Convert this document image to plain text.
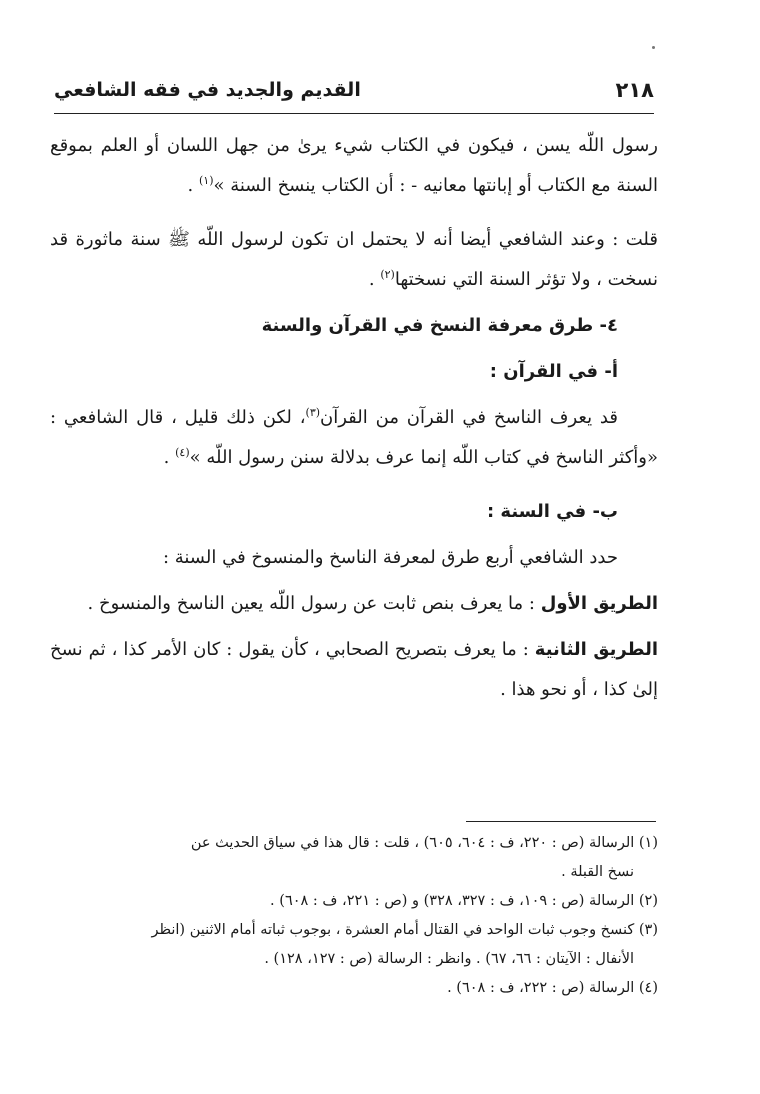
٢١٨
القديم والجديد في فقه الشافعي

رسول اللّه يسن ، فيكون في الكتاب شيء يرىٰ من جهل اللسان أو العلم بموقع السنة مع الكتاب أو إبانتها معانيه - : أن الكتاب ينسخ السنة »$^{(١)}$ .

قلت : وعند الشافعي أيضا أنه لا يحتمل ان تكون لرسول اللّه ﷺ سنة ماثورة قد نسخت ، ولا تؤثر السنة التي نسختها$^{(٢)}$ .

٤- طرق معرفة النسخ في القرآن والسنة
أ- في القرآن :

قد يعرف الناسخ في القرآن من القرآن$^{(٣)}$، لكن ذلك قليل ، قال الشافعي : «وأكثر الناسخ في كتاب اللّه إنما عرف بدلالة سنن رسول اللّه »$^{(٤)}$ .

ب- في السنة :

حدد الشافعي أربع طرق لمعرفة الناسخ والمنسوخ في السنة :

الطريق الأول : ما يعرف بنص ثابت عن رسول اللّه يعين الناسخ والمنسوخ .

الطريق الثانية : ما يعرف بتصريح الصحابي ، كأن يقول : كان الأمر كذا ، ثم نسخ إلىٰ كذا ، أو نحو هذا .

(١) الرسالة (ص : ٢٢٠، ف : ٦٠٤، ٦٠٥) ، قلت : قال هذا في سياق الحديث عن
نسخ القبلة .
(٢) الرسالة (ص : ١٠٩، ف : ٣٢٧، ٣٢٨) و (ص : ٢٢١، ف : ٦٠٨) .
(٣) كنسخ وجوب ثبات الواحد في القتال أمام العشرة ، بوجوب ثباته أمام الاثنين (انظر
الأنفال : الآيتان : ٦٦، ٦٧) . وانظر : الرسالة (ص : ١٢٧، ١٢٨) .
(٤) الرسالة (ص : ٢٢٢، ف : ٦٠٨) .
